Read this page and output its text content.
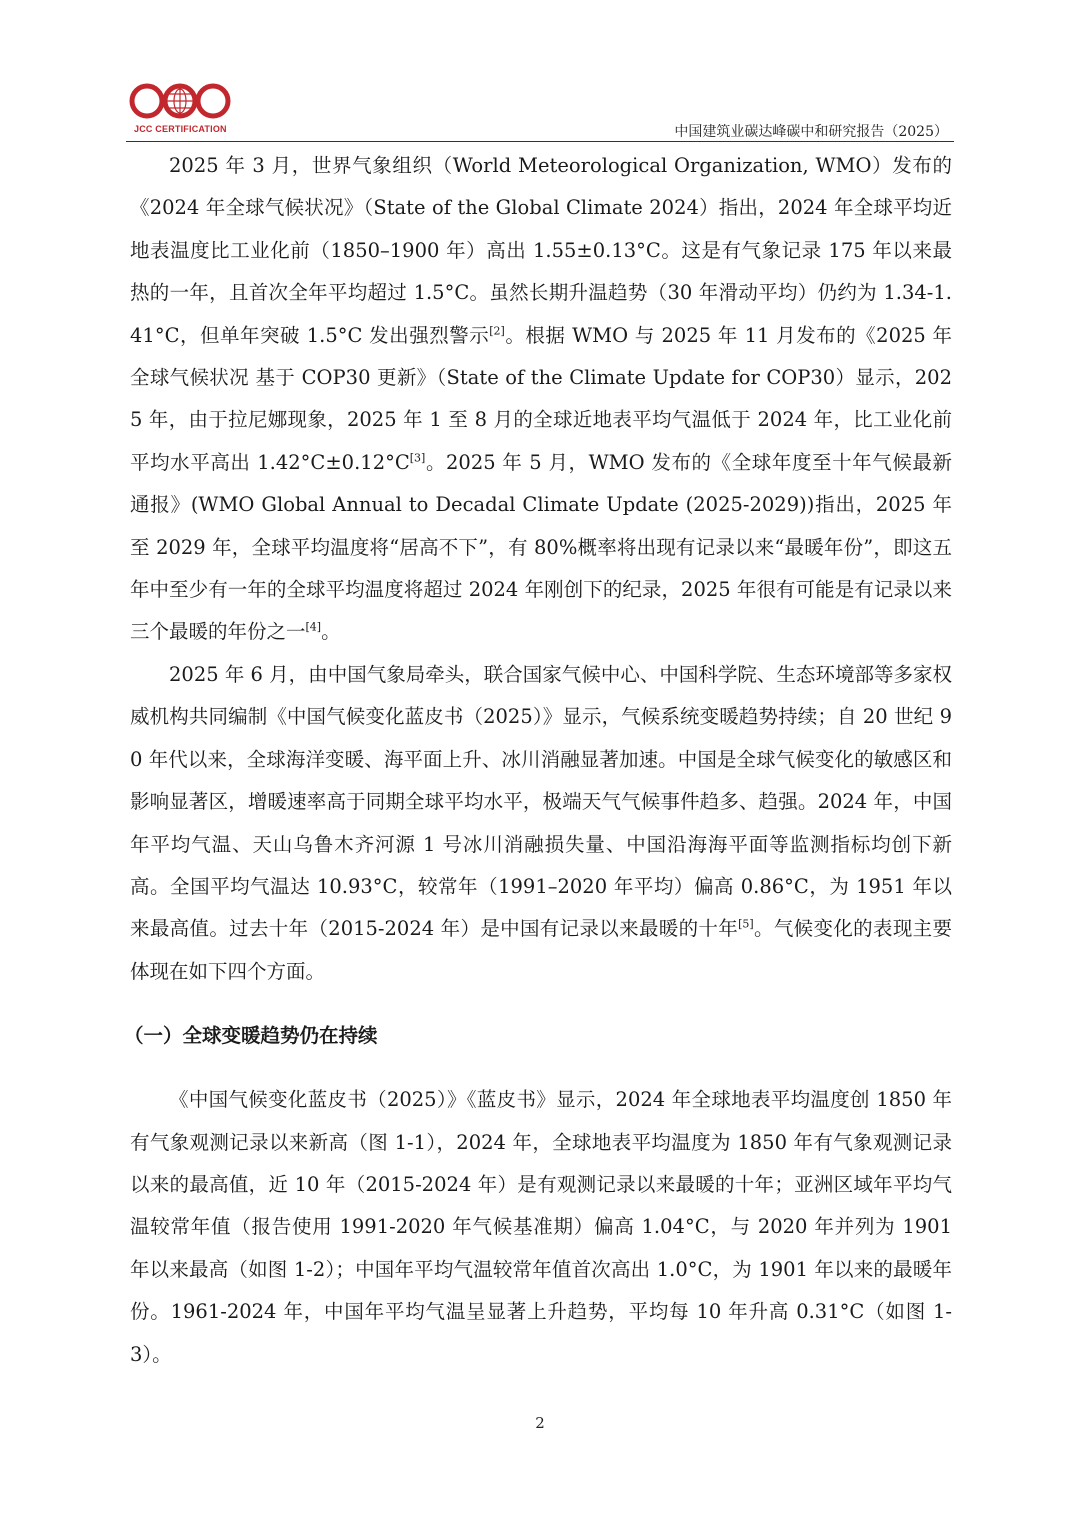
JCC CERTIFICATION	中国建筑业碳达峰碳中和研究报告（2025）

2025 年 3 月，世界气象组织（World Meteorological Organization, WMO）发布的《2024 年全球气候状况》（State of the Global Climate 2024）指出，2024 年全球平均近地表温度比工业化前（1850–1900 年）高出 1.55±0.13°C。这是有气象记录 175 年以来最热的一年，且首次全年平均超过 1.5°C。虽然长期升温趋势（30 年滑动平均）仍约为 1.34-1.41°C，但单年突破 1.5°C 发出强烈警示[2]。根据 WMO 与 2025 年 11 月发布的《2025 年全球气候状况 基于 COP30 更新》（State of the Climate Update for COP30）显示，2025 年，由于拉尼娜现象，2025 年 1 至 8 月的全球近地表平均气温低于 2024 年，比工业化前平均水平高出 1.42°C±0.12°C[3]。2025 年 5 月，WMO 发布的《全球年度至十年气候最新通报》(WMO Global Annual to Decadal Climate Update (2025-2029))指出，2025 年至 2029 年，全球平均温度将“居高不下”，有 80%概率将出现有记录以来“最暖年份”，即这五年中至少有一年的全球平均温度将超过 2024 年刚创下的纪录，2025 年很有可能是有记录以来三个最暖的年份之一[4]。

2025 年 6 月，由中国气象局牵头，联合国家气候中心、中国科学院、生态环境部等多家权威机构共同编制《中国气候变化蓝皮书（2025）》显示，气候系统变暖趋势持续；自 20 世纪 90 年代以来，全球海洋变暖、海平面上升、冰川消融显著加速。中国是全球气候变化的敏感区和影响显著区，增暖速率高于同期全球平均水平，极端天气气候事件趋多、趋强。2024 年，中国年平均气温、天山乌鲁木齐河源 1 号冰川消融损失量、中国沿海海平面等监测指标均创下新高。全国平均气温达 10.93°C，较常年（1991–2020 年平均）偏高 0.86°C，为 1951 年以来最高值。过去十年（2015-2024 年）是中国有记录以来最暖的十年[5]。气候变化的表现主要体现在如下四个方面。

（一）全球变暖趋势仍在持续

《中国气候变化蓝皮书（2025）》《蓝皮书》显示，2024 年全球地表平均温度创 1850 年有气象观测记录以来新高（图 1-1），2024 年，全球地表平均温度为 1850 年有气象观测记录以来的最高值，近 10 年（2015-2024 年）是有观测记录以来最暖的十年；亚洲区域年平均气温较常年值（报告使用 1991-2020 年气候基准期）偏高 1.04°C，与 2020 年并列为 1901 年以来最高（如图 1-2）；中国年平均气温较常年值首次高出 1.0°C，为 1901 年以来的最暖年份。1961-2024 年，中国年平均气温呈显著上升趋势，平均每 10 年升高 0.31°C（如图 1-3）。

2
